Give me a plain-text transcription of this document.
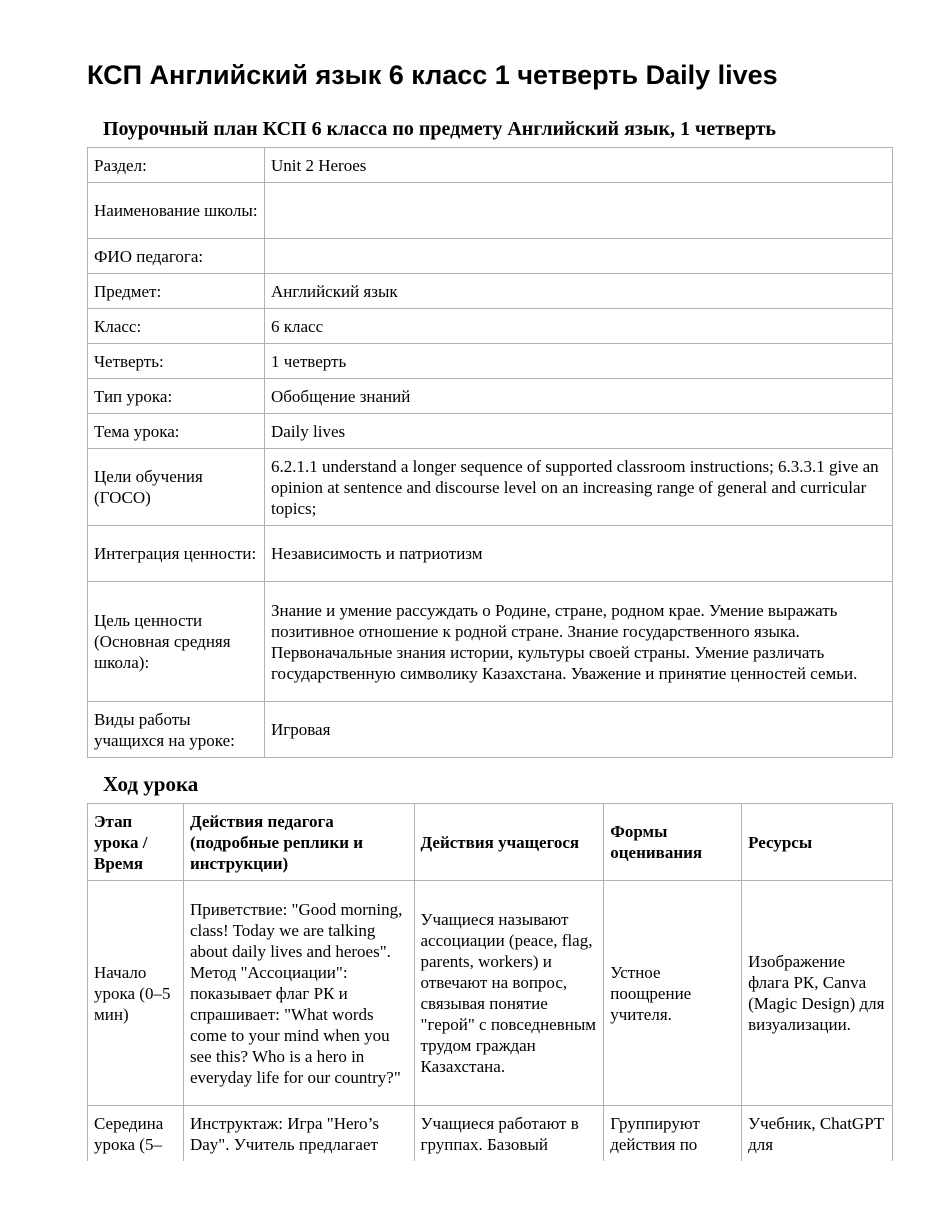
КСП Английский язык 6 класс 1 четверть Daily lives
Поурочный план КСП 6 класса по предмету Английский язык, 1 четверть
Раздел:	Unit 2 Heroes
Наименование школы:	
ФИО педагога:	
Предмет:	Английский язык
Класс:	6 класс
Четверть:	1 четверть
Тип урока:	Обобщение знаний
Тема урока:	Daily lives
Цели обучения (ГОСО)	6.2.1.1 understand a longer sequence of supported classroom instructions; 6.3.3.1 give an opinion at sentence and discourse level on an increasing range of general and curricular topics;
Интеграция ценности:	Независимость и патриотизм
Цель ценности (Основная средняя школа):	Знание и умение рассуждать о Родине, стране, родном крае. Умение выражать позитивное отношение к родной стране. Знание государственного языка. Первоначальные знания истории, культуры своей страны. Умение различать государственную символику Казахстана. Уважение и принятие ценностей семьи.
Виды работы учащихся на уроке:	Игровая
Ход урока
Этап урока / Время	Действия педагога (подробные реплики и инструкции)	Действия учащегося	Формы оценивания	Ресурсы
Начало урока (0–5 мин)	Приветствие: "Good morning, class! Today we are talking about daily lives and heroes". Метод "Ассоциации": показывает флаг РК и спрашивает: "What words come to your mind when you see this? Who is a hero in everyday life for our country?"	Учащиеся называют ассоциации (peace, flag, parents, workers) и отвечают на вопрос, связывая понятие "герой" с повседневным трудом граждан Казахстана.	Устное поощрение учителя.	Изображение флага РК, Canva (Magic Design) для визуализации.
Середина урока (5–	Инструктаж: Игра "Hero’s Day". Учитель предлагает	Учащиеся работают в группах. Базовый	Группируют действия по	Учебник, ChatGPT для
